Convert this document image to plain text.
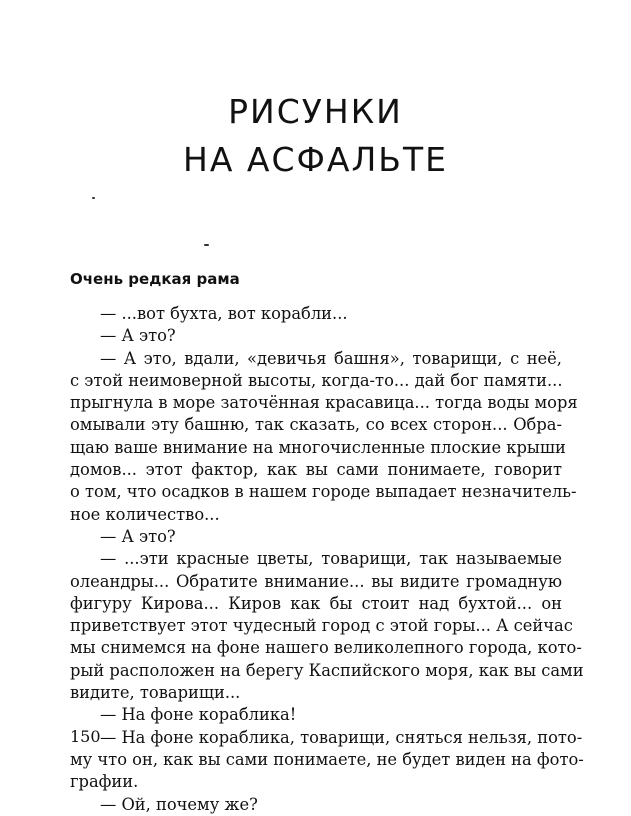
РИСУНКИ
НА АСФАЛЬТЕ
Очень редкая рама
— ...вот бухта, вот корабли...
— А это?
— А это, вдали, «девичья башня», товарищи, с неё,
с этой неимоверной высоты, когда-то... дай бог памяти...
прыгнула в море заточённая красавица... тогда воды моря
омывали эту башню, так сказать, со всех сторон... Обра-
щаю ваше внимание на многочисленные плоские крыши
домов... этот фактор, как вы сами понимаете, говорит
о том, что осадков в нашем городе выпадает незначитель-
ное количество...
— А это?
— ...эти красные цветы, товарищи, так называемые
олеандры... Обратите внимание... вы видите громадную
фигуру Кирова... Киров как бы стоит над бухтой... он
приветствует этот чудесный город с этой горы... А сейчас
мы снимемся на фоне нашего великолепного города, кото-
рый расположен на берегу Каспийского моря, как вы сами
видите, товарищи...
— На фоне кораблика!
— На фоне кораблика, товарищи, сняться нельзя, пото-
му что он, как вы сами понимаете, не будет виден на фото-
графии.
— Ой, почему же?
150
